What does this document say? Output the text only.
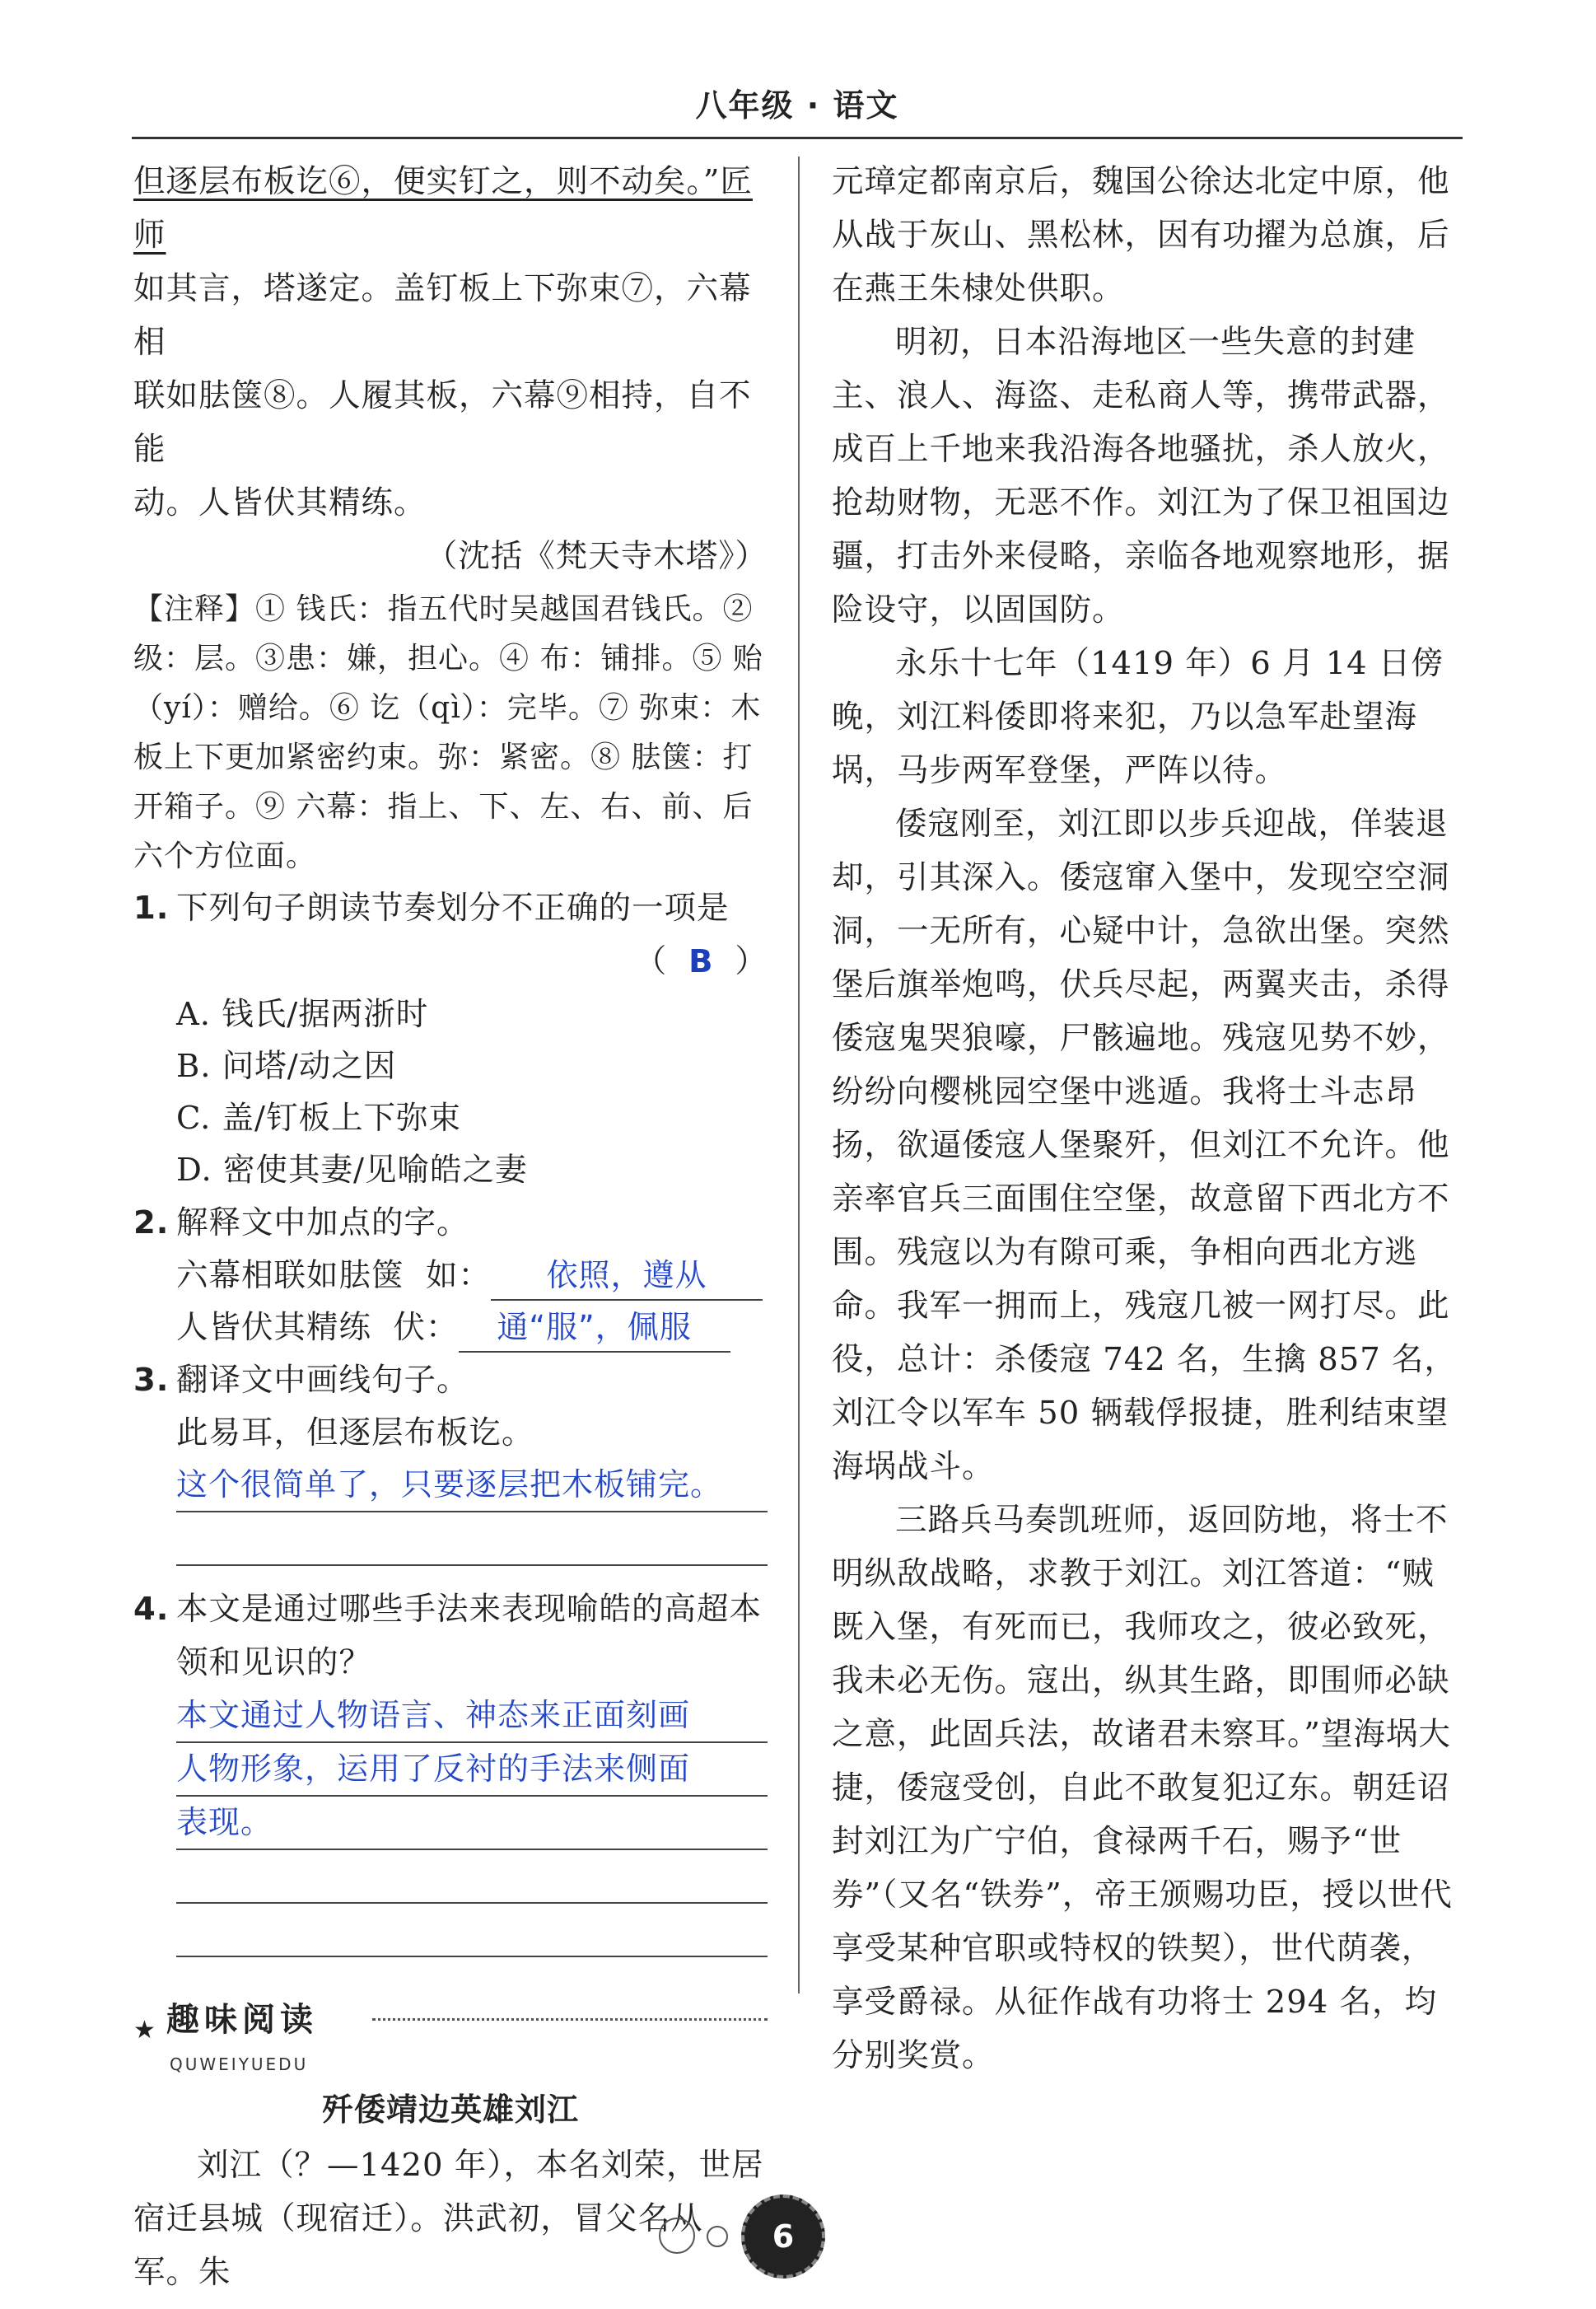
八年级 · 语文

但逐层布板讫⑥，便实钉之，则不动矣。”匠师

如其言，塔遂定。盖钉板上下弥束⑦，六幕相

联如胠箧⑧。人履其板，六幕⑨相持，自不能

动。人皆伏其精练。

（沈括《梵天寺木塔》）

【注释】① 钱氏：指五代时吴越国君钱氏。② 级：层。③患：嫌，担心。④ 布：铺排。⑤ 贻（yí）：赠给。⑥ 讫（qì）：完毕。⑦ 弥束：木板上下更加紧密约束。弥：紧密。⑧ 胠箧：打开箱子。⑨ 六幕：指上、下、左、右、前、后六个方位面。

1. 下列句子朗读节奏划分不正确的一项是
（ B ）

A. 钱氏/据两浙时

B. 问塔/动之因

C. 盖/钉板上下弥束

D. 密使其妻/见喻皓之妻

2. 解释文中加点的字。

六幕相联如胠箧 如： 依照，遵从

人皆伏其精练 伏： 通“服”，佩服

3. 翻译文中画线句子。

此易耳，但逐层布板讫。

这个很简单了，只要逐层把木板铺完。
4. 本文是通过哪些手法来表现喻皓的高超本领和见识的？
本文通过人物语言、神态来正面刻画
人物形象，运用了反衬的手法来侧面
表现。
★ 趣味阅读
QUWEIYUEDU
歼倭靖边英雄刘江

刘江（？—1420 年），本名刘荣，世居宿迁县城（现宿迁）。洪武初，冒父名从军。朱

元璋定都南京后，魏国公徐达北定中原，他从战于灰山、黑松林，因有功擢为总旗，后在燕王朱棣处供职。

明初，日本沿海地区一些失意的封建主、浪人、海盗、走私商人等，携带武器，成百上千地来我沿海各地骚扰，杀人放火，抢劫财物，无恶不作。刘江为了保卫祖国边疆，打击外来侵略，亲临各地观察地形，据险设守，以固国防。

永乐十七年（1419 年）6 月 14 日傍晚，刘江料倭即将来犯，乃以急军赴望海埚，马步两军登堡，严阵以待。

倭寇刚至，刘江即以步兵迎战，佯装退却，引其深入。倭寇窜入堡中，发现空空洞洞，一无所有，心疑中计，急欲出堡。突然堡后旗举炮鸣，伏兵尽起，两翼夹击，杀得倭寇鬼哭狼嚎，尸骸遍地。残寇见势不妙，纷纷向樱桃园空堡中逃遁。我将士斗志昂扬，欲逼倭寇人堡聚歼，但刘江不允许。他亲率官兵三面围住空堡，故意留下西北方不围。残寇以为有隙可乘，争相向西北方逃命。我军一拥而上，残寇几被一网打尽。此役，总计：杀倭寇 742 名，生擒 857 名，刘江令以军车 50 辆载俘报捷，胜利结束望海埚战斗。

三路兵马奏凯班师，返回防地，将士不明纵敌战略，求教于刘江。刘江答道：“贼既入堡，有死而已，我师攻之，彼必致死，我未必无伤。寇出，纵其生路，即围师必缺之意，此固兵法，故诸君未察耳。”望海埚大捷，倭寇受创，自此不敢复犯辽东。朝廷诏封刘江为广宁伯，食禄两千石，赐予“世券”（又名“铁券”，帝王颁赐功臣，授以世代享受某种官职或特权的铁契），世代荫袭，享受爵禄。从征作战有功将士 294 名，均分别奖赏。

6
